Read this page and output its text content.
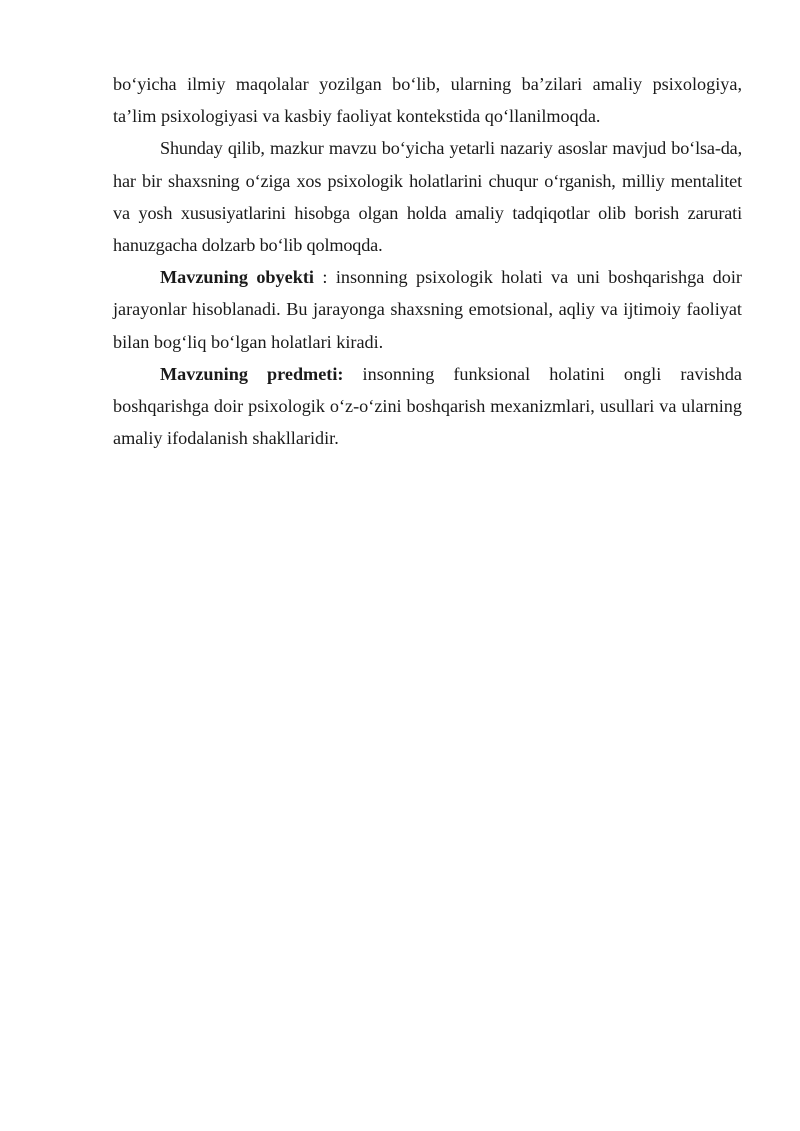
bo‘yicha ilmiy maqolalar yozilgan bo‘lib, ularning ba’zilari amaliy psixologiya, ta’lim psixologiyasi va kasbiy faoliyat kontekstida qo‘llanilmoqda.

Shunday qilib, mazkur mavzu bo‘yicha yetarli nazariy asoslar mavjud bo‘lsa-da, har bir shaxsning o‘ziga xos psixologik holatlarini chuqur o‘rganish, milliy mentalitet va yosh xususiyatlarini hisobga olgan holda amaliy tadqiqotlar olib borish zarurati hanuzgacha dolzarb bo‘lib qolmoqda.

Mavzuning obyekti : insonning psixologik holati va uni boshqarishga doir jarayonlar hisoblanadi. Bu jarayonga shaxsning emotsional, aqliy va ijtimoiy faoliyat bilan bog‘liq bo‘lgan holatlari kiradi.

Mavzuning predmeti: insonning funksional holatini ongli ravishda boshqarishga doir psixologik o‘z-o‘zini boshqarish mexanizmlari, usullari va ularning amaliy ifodalanish shakllaridir.
